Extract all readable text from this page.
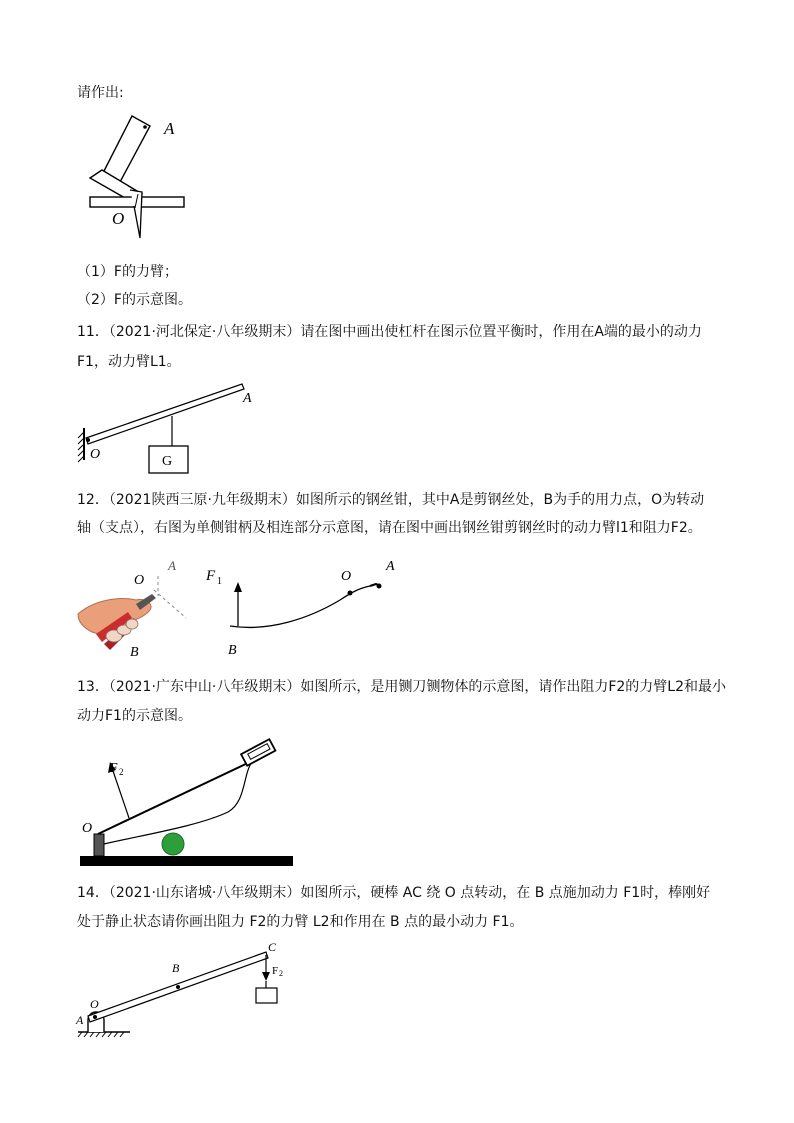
请作出:
A
O
（1）F的力臂；
（2）F的示意图。
11．（2021·河北保定·八年级期末）请在图中画出使杠杆在图示位置平衡时，作用在A端的最小的动力
F1，动力臂L1。
G
A
O
12．（2021陕西三原·九年级期末）如图所示的钢丝钳，其中A是剪钢丝处，B为手的用力点，O为转动
轴（支点），右图为单侧钳柄及相连部分示意图，请在图中画出钢丝钳剪钢丝时的动力臂l1和阻力F2。
O
A
B
F 1	O
A
B
13．（2021·广东中山·八年级期末）如图所示，是用铡刀铡物体的示意图，请作出阻力F2的力臂L2和最小
动力F1的示意图。
F 2
O
14．（2021·山东诸城·八年级期末）如图所示，硬棒 AC 绕 O 点转动，在 B 点施加动力 F1时，棒刚好
处于静止状态请你画出阻力 F2的力臂 L2和作用在 B 点的最小动力 F1。
F 2
C
B
O
A
